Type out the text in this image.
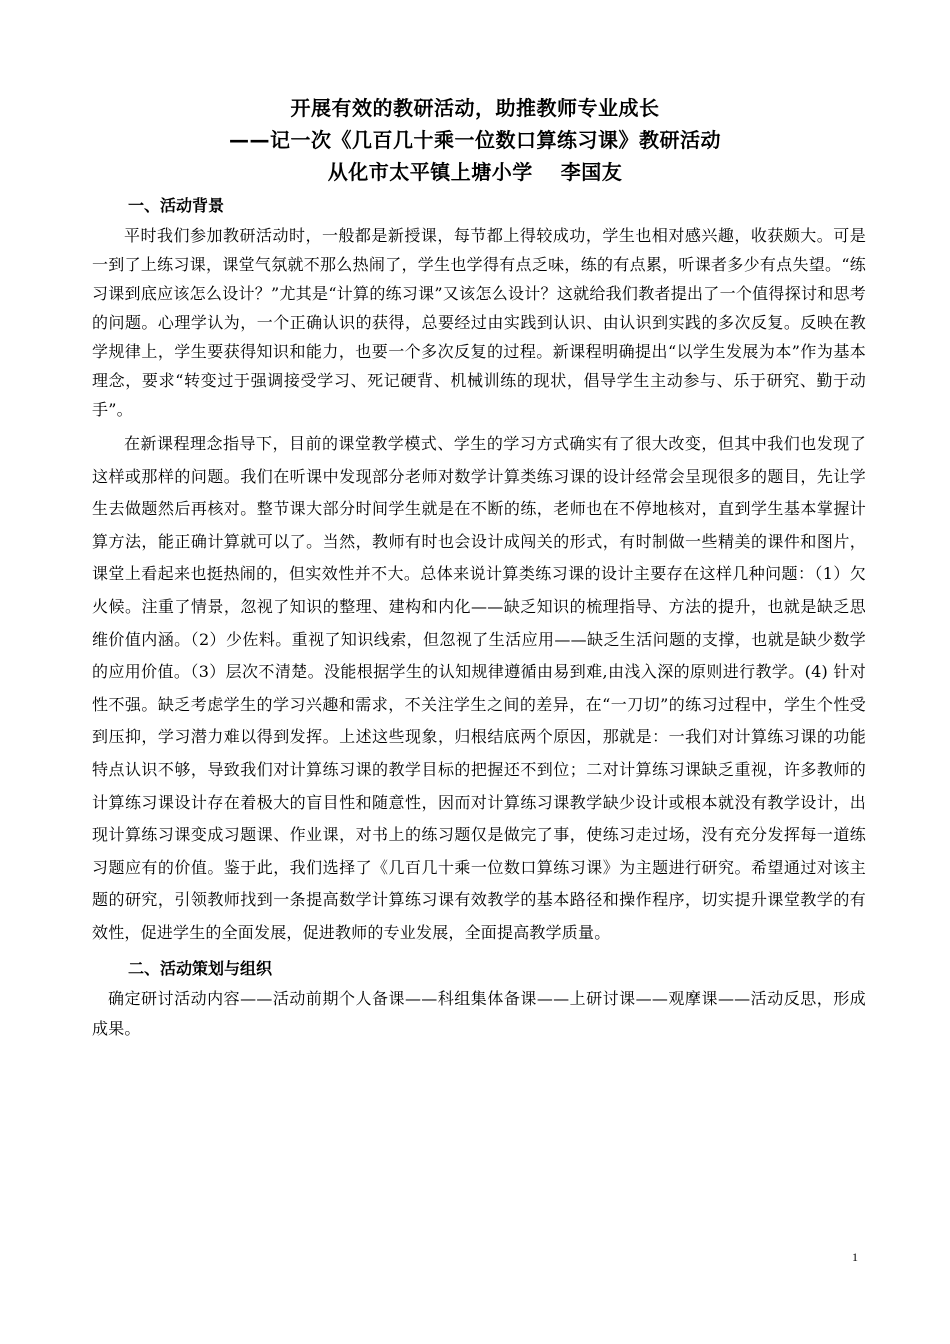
开展有效的教研活动，助推教师专业成长
——记一次《几百几十乘一位数口算练习课》教研活动
从化市太平镇上塘小学　 李国友
一、活动背景

平时我们参加教研活动时，一般都是新授课，每节都上得较成功，学生也相对感兴趣，收获颇大。可是一到了上练习课，课堂气氛就不那么热闹了，学生也学得有点乏味，练的有点累，听课者多少有点失望。“练习课到底应该怎么设计？”尤其是“计算的练习课”又该怎么设计？这就给我们教者提出了一个值得探讨和思考的问题。心理学认为，一个正确认识的获得，总要经过由实践到认识、由认识到实践的多次反复。反映在教学规律上，学生要获得知识和能力，也要一个多次反复的过程。新课程明确提出“以学生发展为本”作为基本理念，要求“转变过于强调接受学习、死记硬背、机械训练的现状，倡导学生主动参与、乐于研究、勤于动手”。

在新课程理念指导下，目前的课堂教学模式、学生的学习方式确实有了很大改变，但其中我们也发现了这样或那样的问题。我们在听课中发现部分老师对数学计算类练习课的设计经常会呈现很多的题目，先让学生去做题然后再核对。整节课大部分时间学生就是在不断的练，老师也在不停地核对，直到学生基本掌握计算方法，能正确计算就可以了。当然，教师有时也会设计成闯关的形式，有时制做一些精美的课件和图片，课堂上看起来也挺热闹的，但实效性并不大。总体来说计算类练习课的设计主要存在这样几种问题：（1）欠火候。注重了情景，忽视了知识的整理、建构和内化——缺乏知识的梳理指导、方法的提升，也就是缺乏思维价值内涵。（2）少佐料。重视了知识线索，但忽视了生活应用——缺乏生活问题的支撑，也就是缺少数学的应用价值。（3）层次不清楚。没能根据学生的认知规律遵循由易到难,由浅入深的原则进行教学。(4) 针对性不强。缺乏考虑学生的学习兴趣和需求，不关注学生之间的差异，在“一刀切”的练习过程中，学生个性受到压抑，学习潜力难以得到发挥。上述这些现象，归根结底两个原因，那就是：一我们对计算练习课的功能特点认识不够，导致我们对计算练习课的教学目标的把握还不到位；二对计算练习课缺乏重视，许多教师的计算练习课设计存在着极大的盲目性和随意性，因而对计算练习课教学缺少设计或根本就没有教学设计，出现计算练习课变成习题课、作业课，对书上的练习题仅是做完了事，使练习走过场，没有充分发挥每一道练习题应有的价值。鉴于此，我们选择了《几百几十乘一位数口算练习课》为主题进行研究。希望通过对该主题的研究，引领教师找到一条提高数学计算练习课有效教学的基本路径和操作程序，切实提升课堂教学的有效性，促进学生的全面发展，促进教师的专业发展，全面提高教学质量。

二、活动策划与组织

确定研讨活动内容——活动前期个人备课——科组集体备课——上研讨课——观摩课——活动反思，形成成果。

1
